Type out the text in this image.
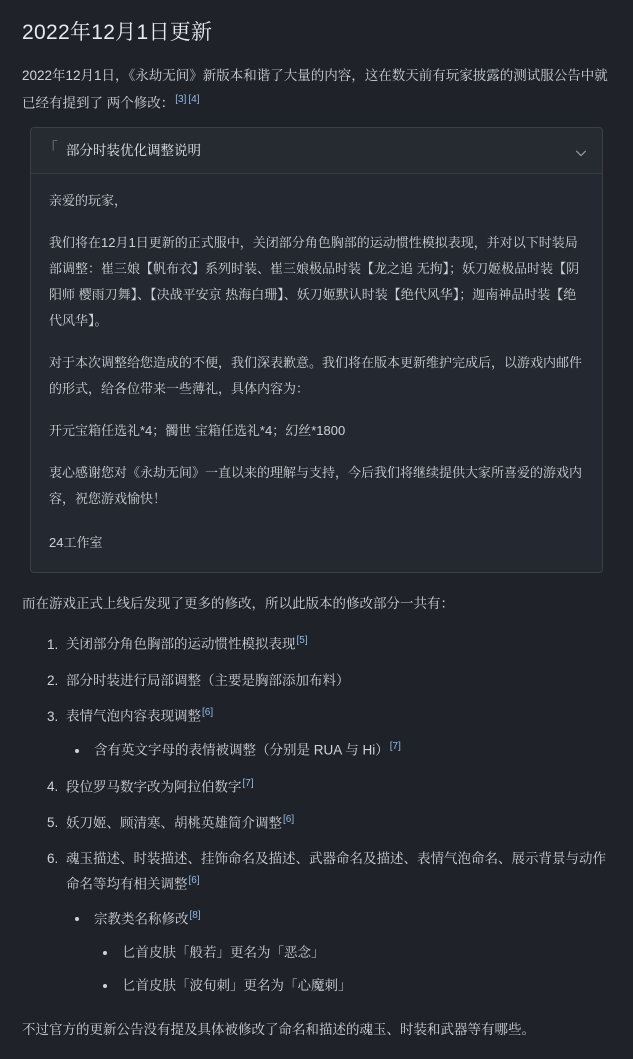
2022年12月1日更新

2022年12月1日，《永劫无间》新版本和谐了大量的内容，这在数天前有玩家披露的测试服公告中就已经有提到了 两个修改：[3] [4]

「 部分时装优化调整说明

亲爱的玩家，

我们将在12月1日更新的正式服中，关闭部分角色胸部的运动惯性模拟表现，并对以下时装局部调整：崔三娘【帆布衣】系列时装、崔三娘极品时装【龙之追 无拘】；妖刀姬极品时装【阴阳师 樱雨刀舞】、【决战平安京 热海白珊】、妖刀姬默认时装【绝代风华】；迦南神品时装【绝代风华】。

对于本次调整给您造成的不便，我们深表歉意。我们将在版本更新维护完成后，以游戏内邮件的形式，给各位带来一些薄礼，具体内容为：

开元宝箱任选礼*4；髑世 宝箱任选礼*4；幻丝*1800

衷心感谢您对《永劫无间》一直以来的理解与支持，今后我们将继续提供大家所喜爱的游戏内容，祝您游戏愉快！

24工作室

而在游戏正式上线后发现了更多的修改，所以此版本的修改部分一共有：

1. 关闭部分角色胸部的运动惯性模拟表现[5]
2. 部分时装进行局部调整（主要是胸部添加布料）
3. 表情气泡内容表现调整[6]
• 含有英文字母的表情被调整（分别是 RUA 与 Hi）[7]
4. 段位罗马数字改为阿拉伯数字[7]
5. 妖刀姬、顾清寒、胡桃英雄简介调整[6]
6. 魂玉描述、时装描述、挂饰命名及描述、武器命名及描述、表情气泡命名、展示背景与动作命名等均有相关调整[6]
• 宗教类名称修改[8]
• 匕首皮肤「般若」更名为「恶念」
• 匕首皮肤「波旬刺」更名为「心魔刺」

不过官方的更新公告没有提及具体被修改了命名和描述的魂玉、时装和武器等有哪些。
